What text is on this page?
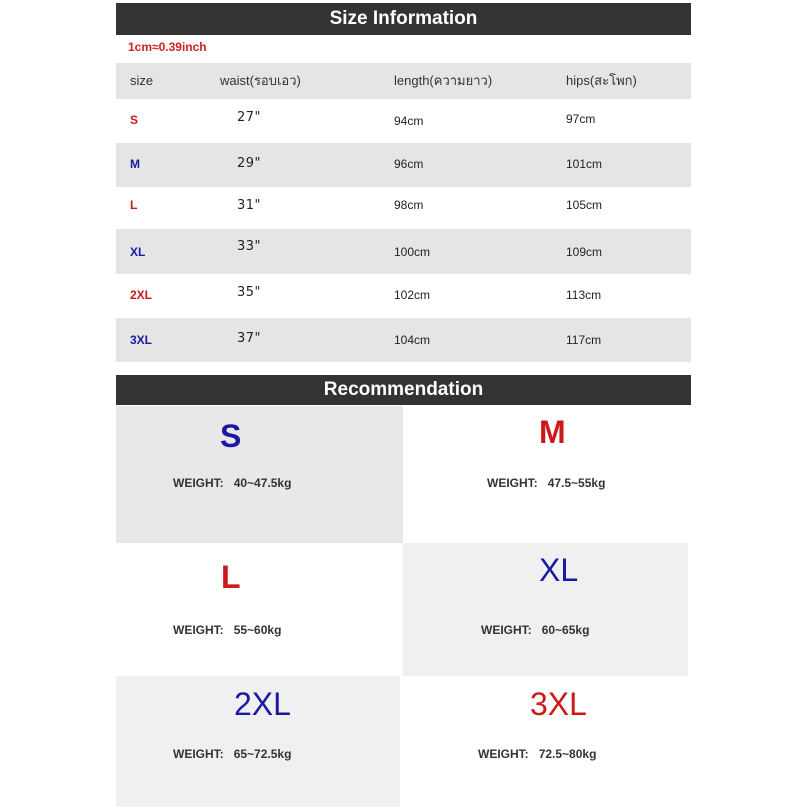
Size Information
1cm≈0.39inch
size	waist(รอบเอว)	length(ความยาว)	hips(สะโพก)
S	27"	94cm	97cm
M	29"	96cm	101cm
L	31"	98cm	105cm
XL	33"	100cm	109cm
2XL	35"	102cm	113cm
3XL	37"	104cm	117cm
Recommendation
S
WEIGHT: 40~47.5kg
M
WEIGHT: 47.5~55kg
L
WEIGHT: 55~60kg
XL
WEIGHT: 60~65kg
2XL
WEIGHT: 65~72.5kg
3XL
WEIGHT: 72.5~80kg
